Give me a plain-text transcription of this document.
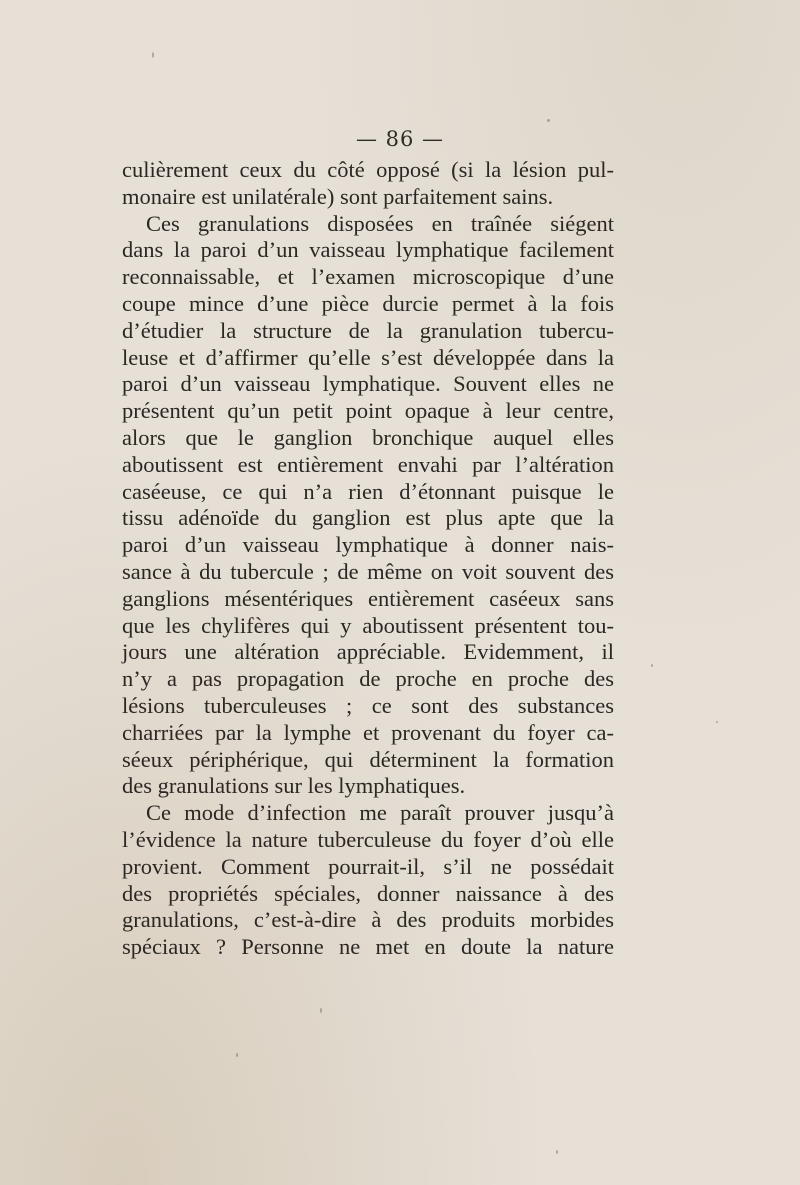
— 86 —
culièrement ceux du côté opposé (si la lésion pul-
monaire est unilatérale) sont parfaitement sains.
Ces granulations disposées en traînée siégent
dans la paroi d’un vaisseau lymphatique facilement
reconnaissable, et l’examen microscopique d’une
coupe mince d’une pièce durcie permet à la fois
d’étudier la structure de la granulation tubercu-
leuse et d’affirmer qu’elle s’est développée dans la
paroi d’un vaisseau lymphatique. Souvent elles ne
présentent qu’un petit point opaque à leur centre,
alors que le ganglion bronchique auquel elles
aboutissent est entièrement envahi par l’altération
caséeuse, ce qui n’a rien d’étonnant puisque le
tissu adénoïde du ganglion est plus apte que la
paroi d’un vaisseau lymphatique à donner nais-
sance à du tubercule ; de même on voit souvent des
ganglions mésentériques entièrement caséeux sans
que les chylifères qui y aboutissent présentent tou-
jours une altération appréciable. Evidemment, il
n’y a pas propagation de proche en proche des
lésions tuberculeuses ; ce sont des substances
charriées par la lymphe et provenant du foyer ca-
séeux périphérique, qui déterminent la formation
des granulations sur les lymphatiques.
Ce mode d’infection me paraît prouver jusqu’à
l’évidence la nature tuberculeuse du foyer d’où elle
provient. Comment pourrait-il, s’il ne possédait
des propriétés spéciales, donner naissance à des
granulations, c’est-à-dire à des produits morbides
spéciaux ? Personne ne met en doute la nature
